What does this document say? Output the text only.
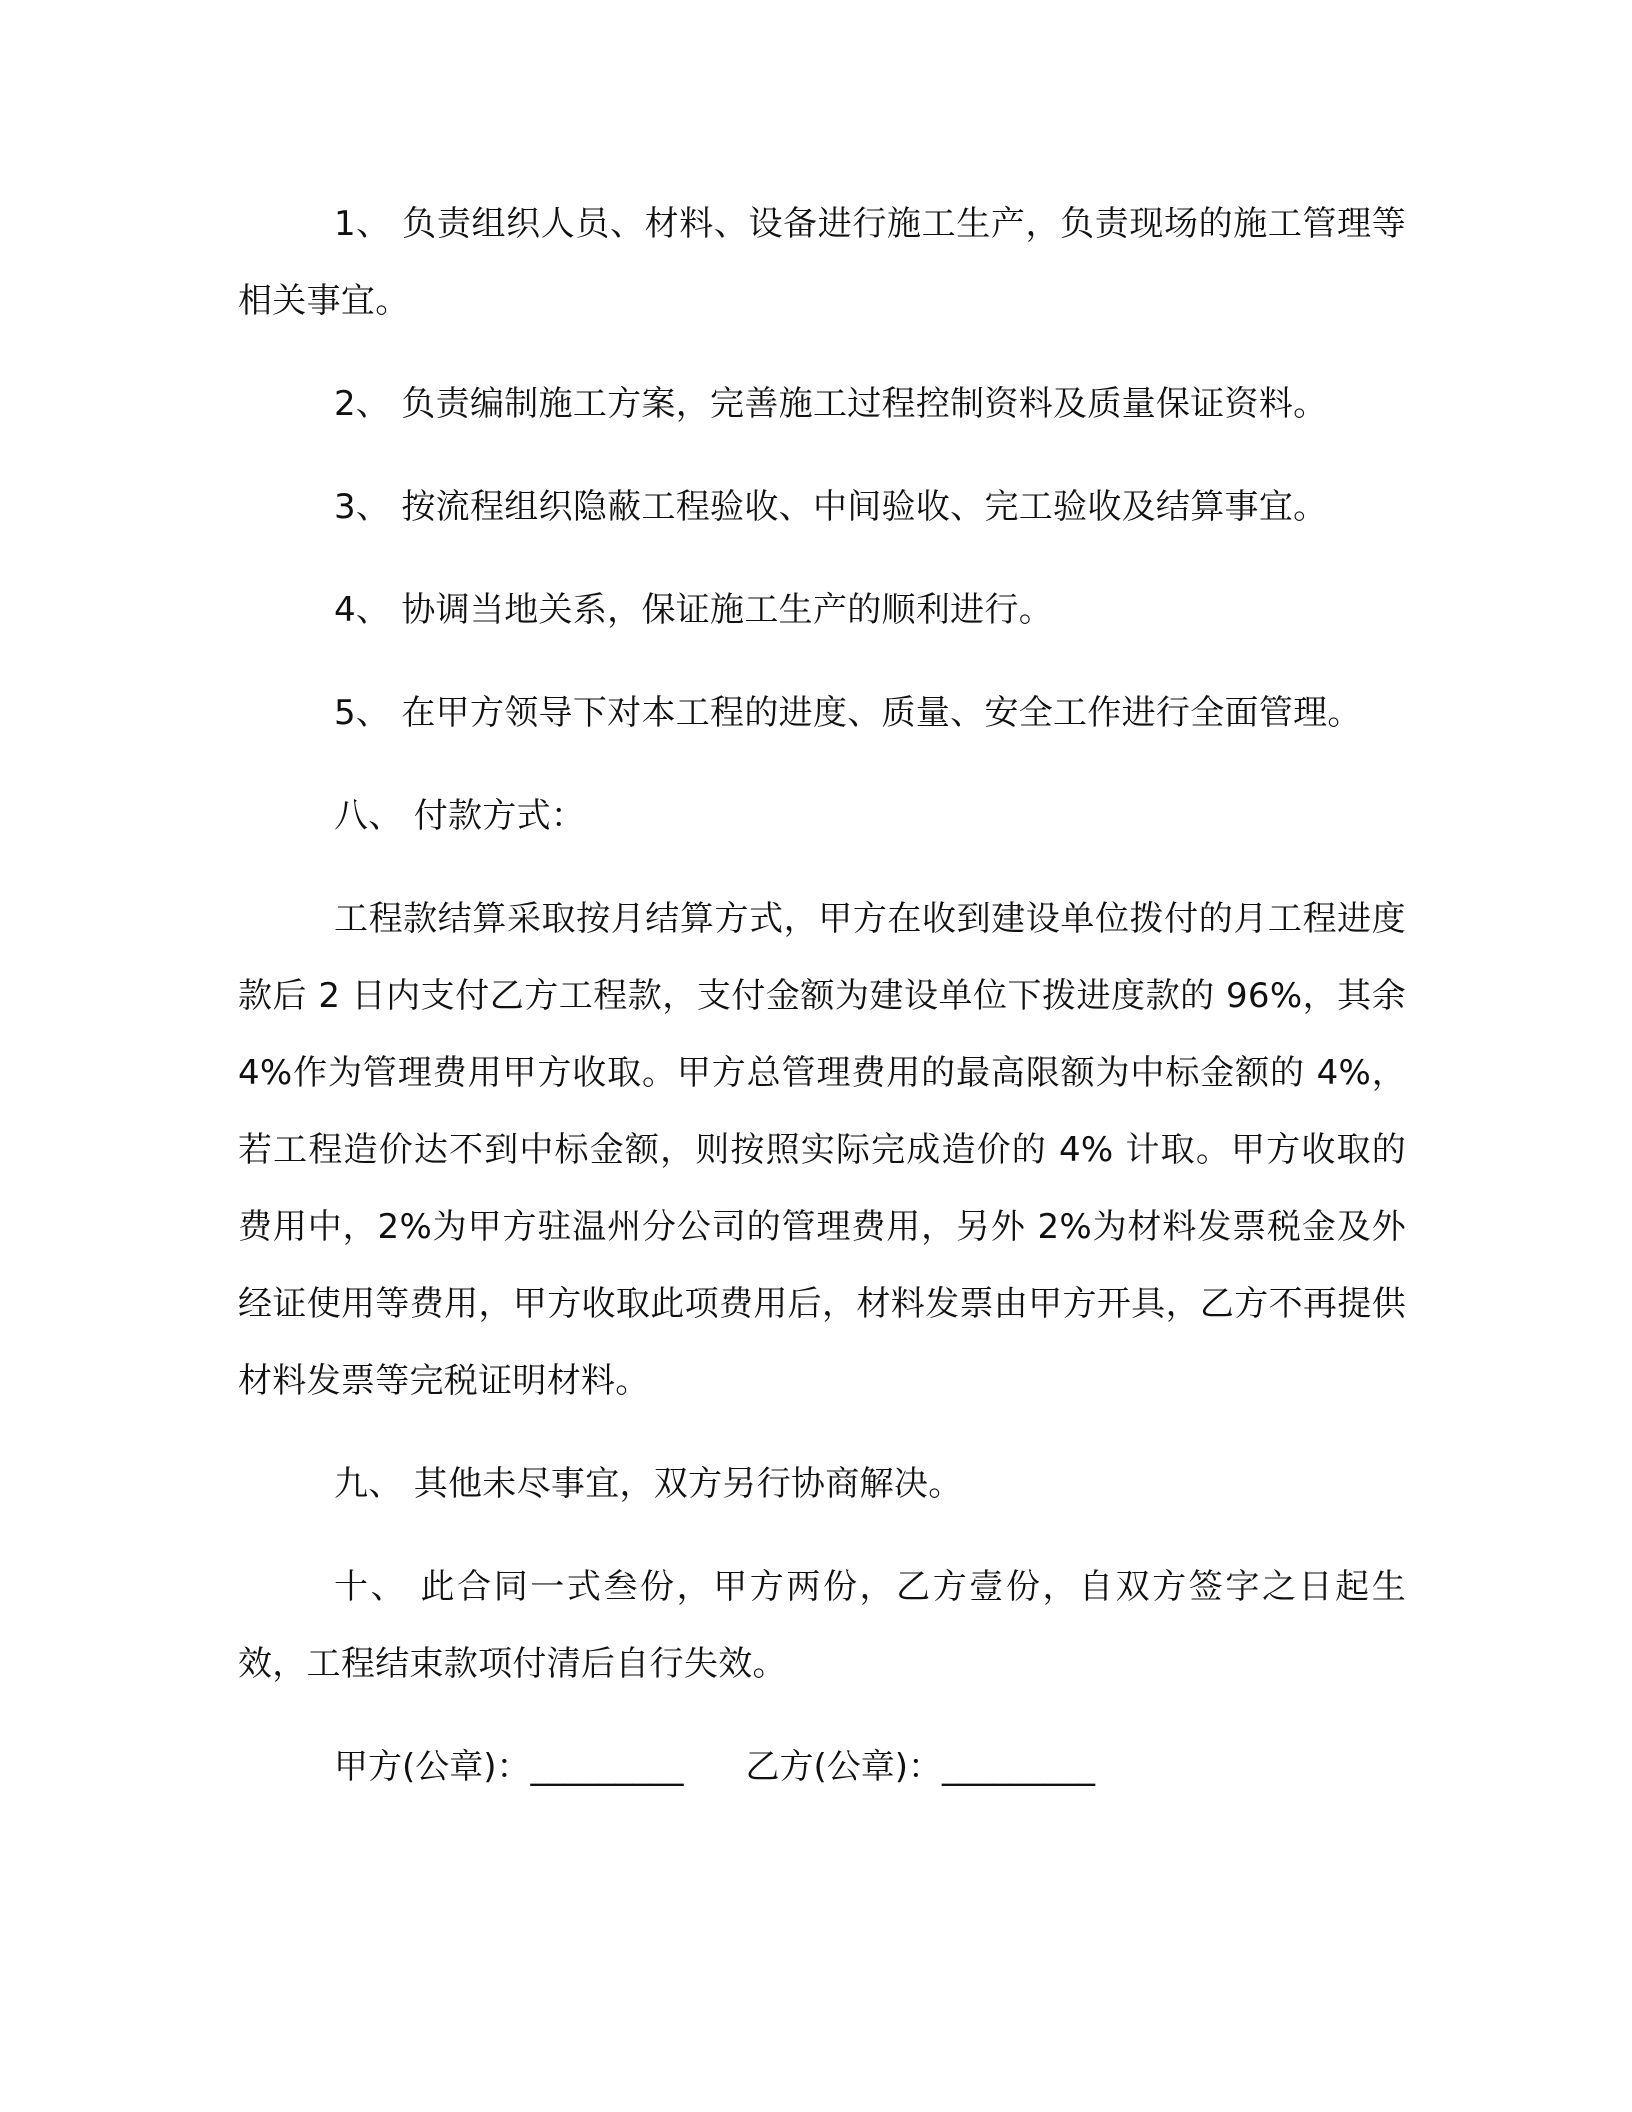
1、 负责组织人员、材料、设备进行施工生产，负责现场的施工管理等相关事宜。

2、 负责编制施工方案，完善施工过程控制资料及质量保证资料。

3、 按流程组织隐蔽工程验收、中间验收、完工验收及结算事宜。

4、 协调当地关系，保证施工生产的顺利进行。

5、 在甲方领导下对本工程的进度、质量、安全工作进行全面管理。

八、 付款方式：

工程款结算采取按月结算方式，甲方在收到建设单位拨付的月工程进度款后 2 日内支付乙方工程款，支付金额为建设单位下拨进度款的 96%，其余 4%作为管理费用甲方收取。甲方总管理费用的最高限额为中标金额的 4%，若工程造价达不到中标金额，则按照实际完成造价的 4% 计取。甲方收取的费用中，2%为甲方驻温州分公司的管理费用，另外 2%为材料发票税金及外经证使用等费用，甲方收取此项费用后，材料发票由甲方开具，乙方不再提供材料发票等完税证明材料。

九、 其他未尽事宜，双方另行协商解决。

十、 此合同一式叁份，甲方两份，乙方壹份，自双方签字之日起生效，工程结束款项付清后自行失效。

甲方(公章)：_________ 乙方(公章)：_________
